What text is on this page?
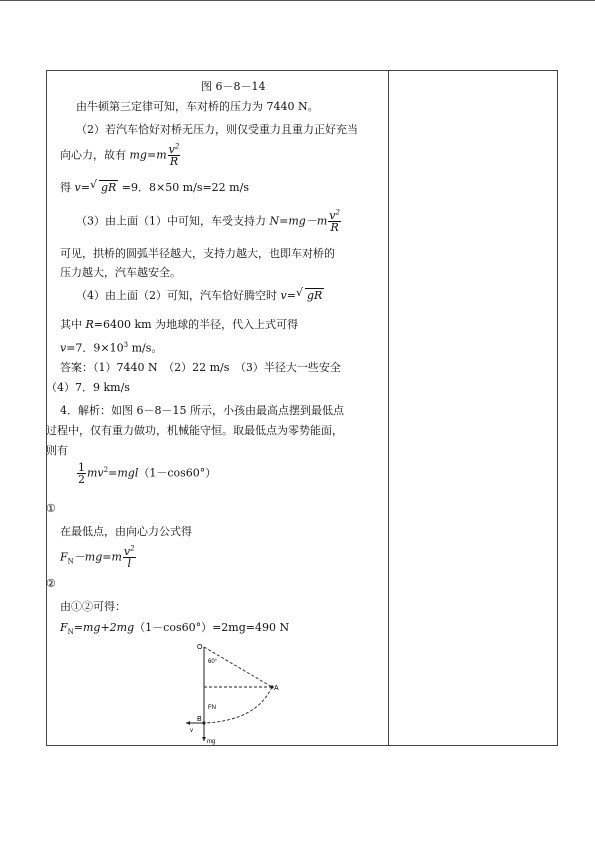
图 6－8－14
由牛顿第三定律可知，车对桥的压力为 7440 N。
（2）若汽车恰好对桥无压力，则仅受重力且重力正好充当
向心力，故有 $mg=m \frac{v^2}{R}$
得 v= √ gR =9．8×50 m/s=22 m/s
（3）由上面（1）中可知，车受支持力 $N=mg-m \frac{v^2}{R}$
可见，拱桥的圆弧半径越大，支持力越大，也即车对桥的
压力越大，汽车越安全。
（4）由上面（2）可知，汽车恰好腾空时 v= √ gR
其中 R=6400 km 为地球的半径，代入上式可得
v=7．$9\times 10^3$ m/s。
答案：（1）7440 N　（2）22 m/s　（3）半径大一些安全
（4）7．9 km/s
4．解析：如图 6－8－15 所示，小孩由最高点摆到最低点
过程中，仅有重力做功，机械能守恒。取最低点为零势能面，
则有
$\frac{1}{2} mv^2=mgl(1-\cos 60^\circ)$
①
在最低点，由向心力公式得
$F_N-mg=m \frac{v^2}{l}$
②
由①②可得：
$F_N=mg+2mg(1-\cos 60^\circ)=2mg=490$ N
O
60°
A
FN
B
v
mg
